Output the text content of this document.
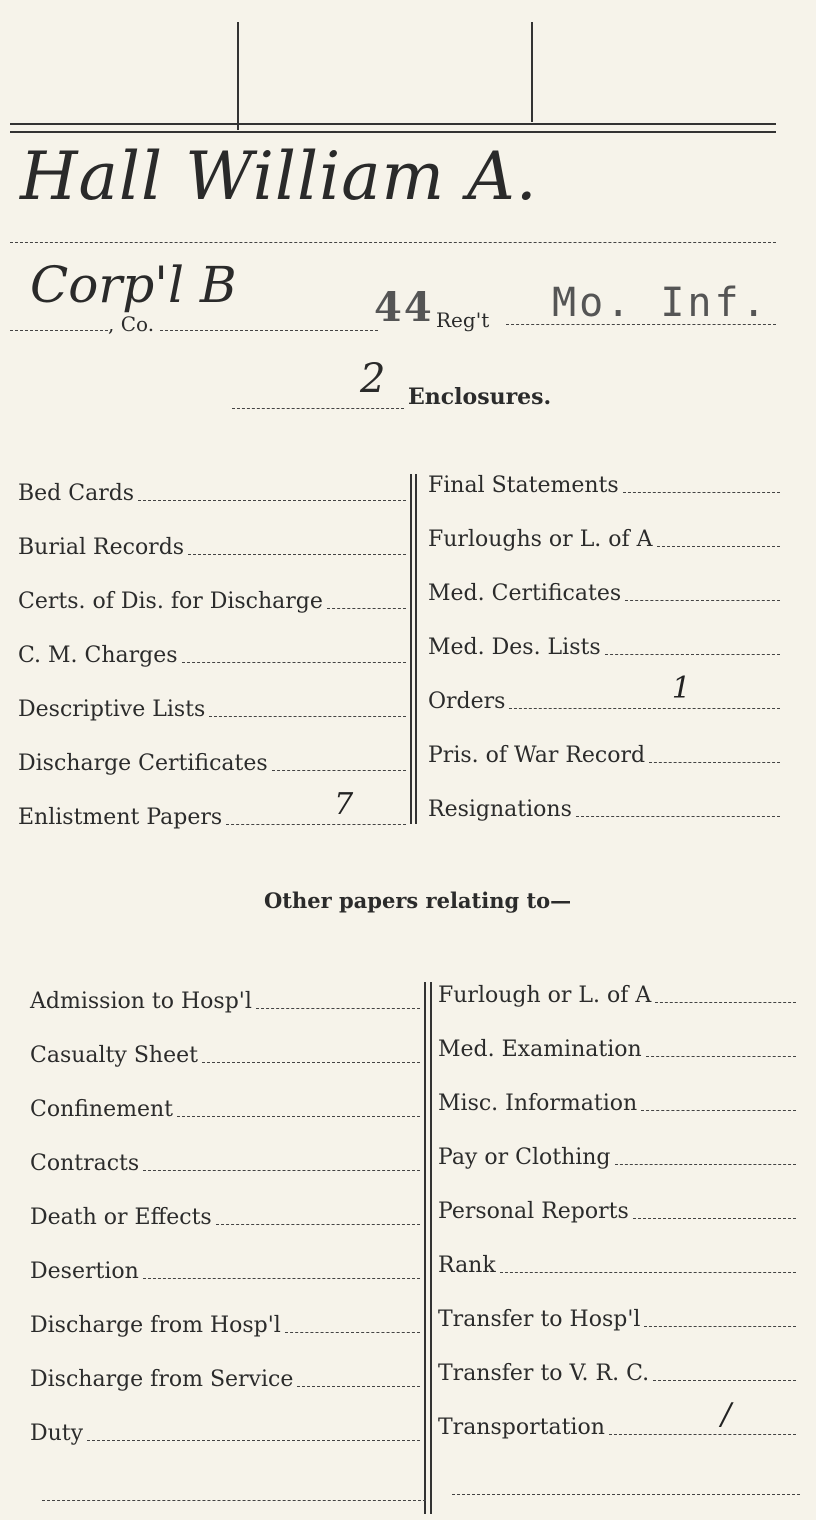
Hall William A.
Corp'l B
, Co.	44 Reg't Mo. Inf.
2 Enclosures.
Bed Cards
Burial Records
Certs. of Dis. for Discharge
C. M. Charges
Descriptive Lists
Discharge Certificates
Enlistment Papers	7
Final Statements
Furloughs or L. of A
Med. Certificates
Med. Des. Lists
Orders	1
Pris. of War Record
Resignations
Other papers relating to—
Admission to Hosp'l
Casualty Sheet
Confinement
Contracts
Death or Effects
Desertion
Discharge from Hosp'l
Discharge from Service
Duty
Furlough or L. of A
Med. Examination
Misc. Information
Pay or Clothing
Personal Reports
Rank
Transfer to Hosp'l
Transfer to V. R. C.
Transportation	/
